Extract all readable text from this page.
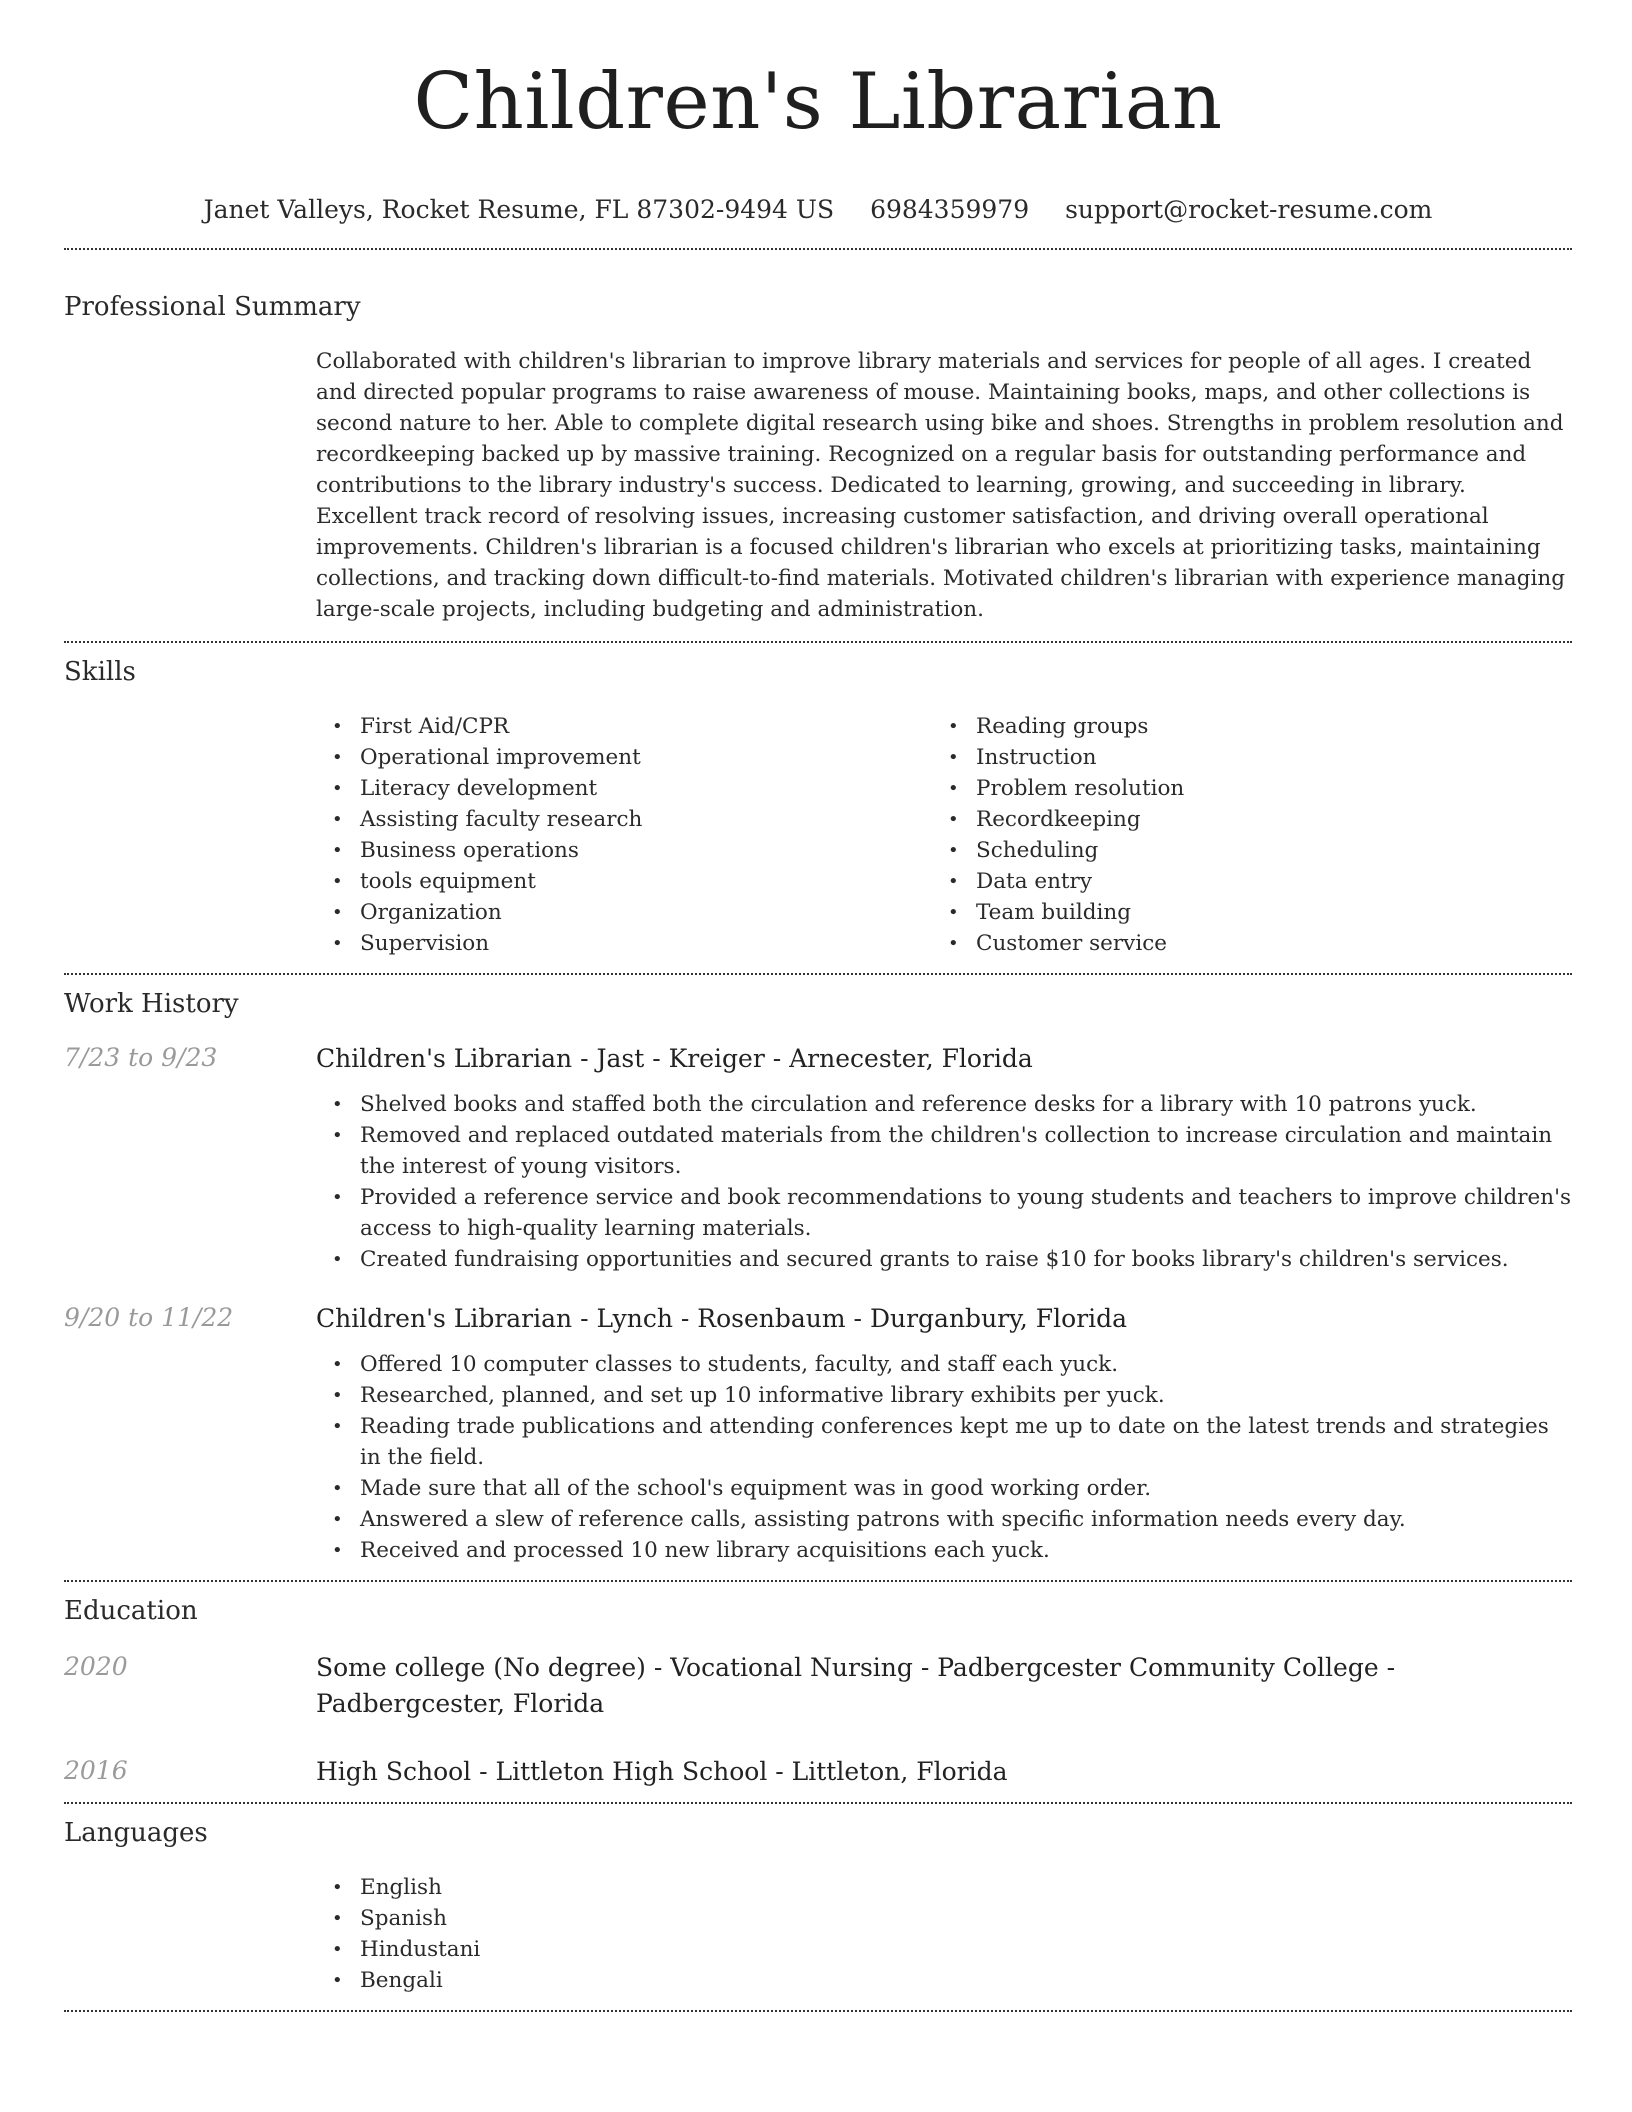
Children's Librarian
Janet Valleys, Rocket Resume, FL 87302-9494 US 6984359979 support@rocket-resume.com
Professional Summary
Collaborated with children's librarian to improve library materials and services for people of all ages. I created and directed popular programs to raise awareness of mouse. Maintaining books, maps, and other collections is second nature to her. Able to complete digital research using bike and shoes. Strengths in problem resolution and recordkeeping backed up by massive training. Recognized on a regular basis for outstanding performance and contributions to the library industry's success. Dedicated to learning, growing, and succeeding in library. Excellent track record of resolving issues, increasing customer satisfaction, and driving overall operational improvements. Children's librarian is a focused children's librarian who excels at prioritizing tasks, maintaining collections, and tracking down difficult-to-find materials. Motivated children's librarian with experience managing large-scale projects, including budgeting and administration.
Skills
• First Aid/CPR
• Operational improvement
• Literacy development
• Assisting faculty research
• Business operations
• tools equipment
• Organization
• Supervision
• Reading groups
• Instruction
• Problem resolution
• Recordkeeping
• Scheduling
• Data entry
• Team building
• Customer service
Work History
7/23 to 9/23	Children's Librarian - Jast - Kreiger - Arnecester, Florida
• Shelved books and staffed both the circulation and reference desks for a library with 10 patrons yuck.
• Removed and replaced outdated materials from the children's collection to increase circulation and maintain the interest of young visitors.
• Provided a reference service and book recommendations to young students and teachers to improve children's access to high-quality learning materials.
• Created fundraising opportunities and secured grants to raise $10 for books library's children's services.
9/20 to 11/22	Children's Librarian - Lynch - Rosenbaum - Durganbury, Florida
• Offered 10 computer classes to students, faculty, and staff each yuck.
• Researched, planned, and set up 10 informative library exhibits per yuck.
• Reading trade publications and attending conferences kept me up to date on the latest trends and strategies in the field.
• Made sure that all of the school's equipment was in good working order.
• Answered a slew of reference calls, assisting patrons with specific information needs every day.
• Received and processed 10 new library acquisitions each yuck.
Education
2020	Some college (No degree) - Vocational Nursing - Padbergcester Community College - Padbergcester, Florida
2016	High School - Littleton High School - Littleton, Florida
Languages
• English
• Spanish
• Hindustani
• Bengali
